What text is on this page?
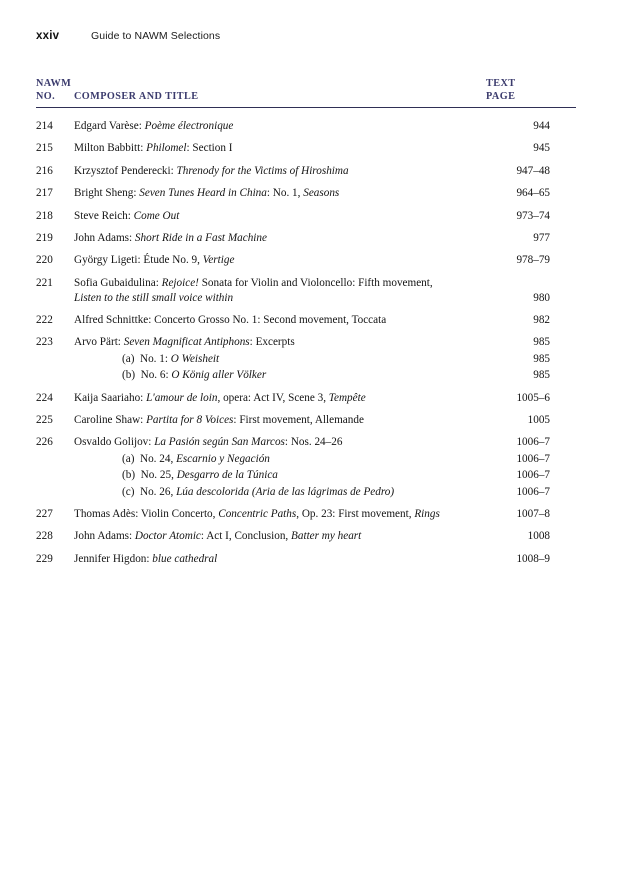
xxiv	Guide to NAWM Selections
NAWM	TEXT
NO.	COMPOSER AND TITLE	PAGE
214	Edgard Varèse: Poème électronique	944
215	Milton Babbitt: Philomel: Section I	945
216	Krzysztof Penderecki: Threnody for the Victims of Hiroshima	947–48
217	Bright Sheng: Seven Tunes Heard in China: No. 1, Seasons	964–65
218	Steve Reich: Come Out	973–74
219	John Adams: Short Ride in a Fast Machine	977
220	György Ligeti: Étude No. 9, Vertige	978–79
221	Sofia Gubaidulina: Rejoice! Sonata for Violin and Violoncello: Fifth movement,
Listen to the still small voice within	980
222	Alfred Schnittke: Concerto Grosso No. 1: Second movement, Toccata	982
223	Arvo Pärt: Seven Magnificat Antiphons: Excerpts	985
(a)  No. 1: O Weisheit	985
(b)  No. 6: O König aller Völker	985
224	Kaija Saariaho: L'amour de loin, opera: Act IV, Scene 3, Tempête	1005–6
225	Caroline Shaw: Partita for 8 Voices: First movement, Allemande	1005
226	Osvaldo Golijov: La Pasión según San Marcos: Nos. 24–26	1006–7
(a)  No. 24, Escarnio y Negación	1006–7
(b)  No. 25, Desgarro de la Túnica	1006–7
(c)  No. 26, Lúa descolorida (Aria de las lágrimas de Pedro)	1006–7
227	Thomas Adès: Violin Concerto, Concentric Paths, Op. 23: First movement, Rings	1007–8
228	John Adams: Doctor Atomic: Act I, Conclusion, Batter my heart	1008
229	Jennifer Higdon: blue cathedral	1008–9
